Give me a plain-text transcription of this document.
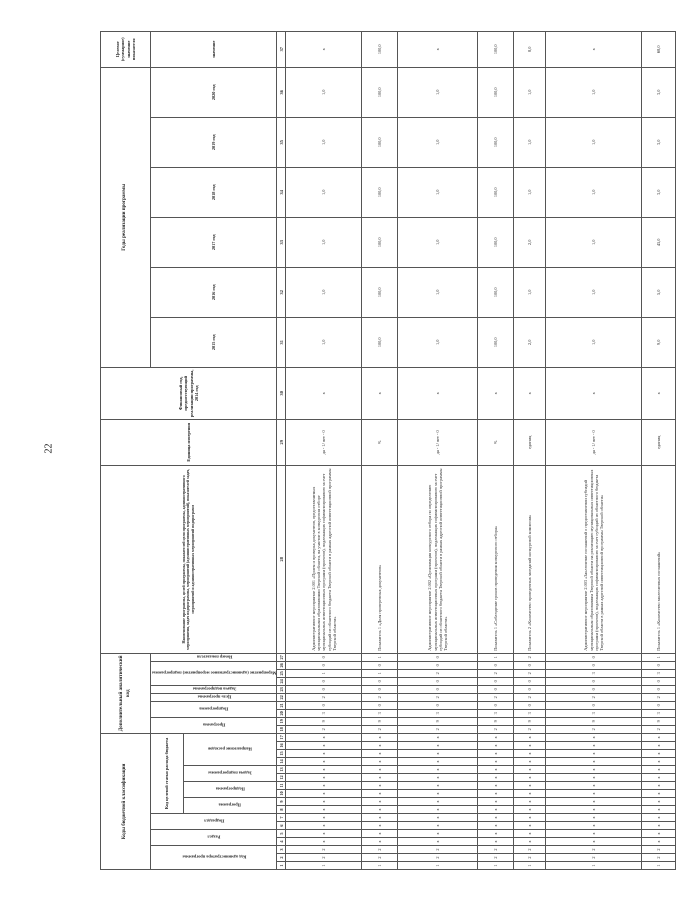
22
Коды бюджетной классификации																	Дополнительный аналитический код										Наименование программы, целей программы, показателей цели программы, административного мероприятия, задач подпрограммы, мероприятий (административных мероприятий), показателей задач, мероприятий и административных мероприятий подпрограмм	Единица измерения	Финансовый год, предшествующий реализации программы, 2014 год	Годы реализации программы						Целевое (суммарное) значение показателя
Код администратора программы			Раздел		Подраздел		Код целевой статьи расхода бюджета										Программа		Подпрограмма		Цель программы	Задача подпрограммы	Мероприятие (административное мероприятие) подпрограммы			Номер показателя				2015 год	2016 год	2017 год	2018 год	2019 год	2020 год	значение
							Программа		Подпрограмма		Задача подпрограммы		Направление расходов																							
1	2	3	4	5	6	7	8	9	10	11	12	13	14	15	16	17	18	19	20	21	22	23	24	25	26	27	28	29	30	31	32	33	34	35	36	37
1	2	2	х	х	х	х	х	х	х	х	х	х	х	х	х	х	2	9	3	0	2	0	0	1	0	0	Административное мероприятие 2.001 «Прием и проверка документов, предоставляемых муниципальными образованиями Тверской области, на участие в конкурсном отборе муниципальных инвестиционных программ (проектов), подлежащих софинансированию за счет субсидий из областного бюджета Тверской области в рамках адресной инвестиционной программы Тверской области»	да - 1/ нет - 0	х	1,0	1,0	1,0	1,0	1,0	1,0	х
1	2	2	х	х	х	х	х	х	х	х	х	х	х	х	х	х	2	9	3	0	2	0	0	1	0	1	Показатель 1 «Доля проверенных документов»	%	х	100,0	100,0	100,0	100,0	100,0	100,0	100,0
1	2	2	х	х	х	х	х	х	х	х	х	х	х	х	х	х	2	9	3	0	2	0	0	2	0	0	Административное мероприятие 2.002 «Организация конкурсного отбора по определению муниципальных инвестиционных программ (проектов), подлежащих софинансированию за счет субсидий из областного бюджета Тверской области в рамках адресной инвестиционной программы Тверской области»	да - 1/ нет - 0	х	1,0	1,0	1,0	1,0	1,0	1,0	х
1	2	2	х	х	х	х	х	х	х	х	х	х	х	х	х	х	2	9	3	0	2	0	0	2	0	1	Показатель 1 «Соблюдение сроков проведения конкурсного отбора»	%	х	100,0	100,0	100,0	100,0	100,0	100,0	100,0
1	2	2	х	х	х	х	х	х	х	х	х	х	х	х	х	х	2	9	3	0	2	0	0	2	0	2	Показатель 2 «Количество проведенных заседаний конкурсной комиссии»	единиц	х	2,0	1,0	2,0	1,0	1,0	1,0	8,0
1	2	2	х	х	х	х	х	х	х	х	х	х	х	х	х	х	2	9	3	0	2	0	0	3	0	0	Административное мероприятие 2.003 «Заключение соглашений о предоставлении субсидий муниципальным образованиям Тверской области на реализацию муниципальных инвестиционных программ (проектов), подлежащих софинансированию за счет субсидий из областного бюджета Тверской области в рамках адресной инвестиционной программы Тверской области»	да - 1/ нет - 0	х	1,0	1,0	1,0	1,0	1,0	1,0	х
1	2	2	х	х	х	х	х	х	х	х	х	х	х	х	х	х	2	9	3	0	2	0	0	3	0	1	Показатель 1 «Количество заключенных соглашений»	единиц	х	9,0	5,0	45,0	3,0	3,0	3,0	68,0
